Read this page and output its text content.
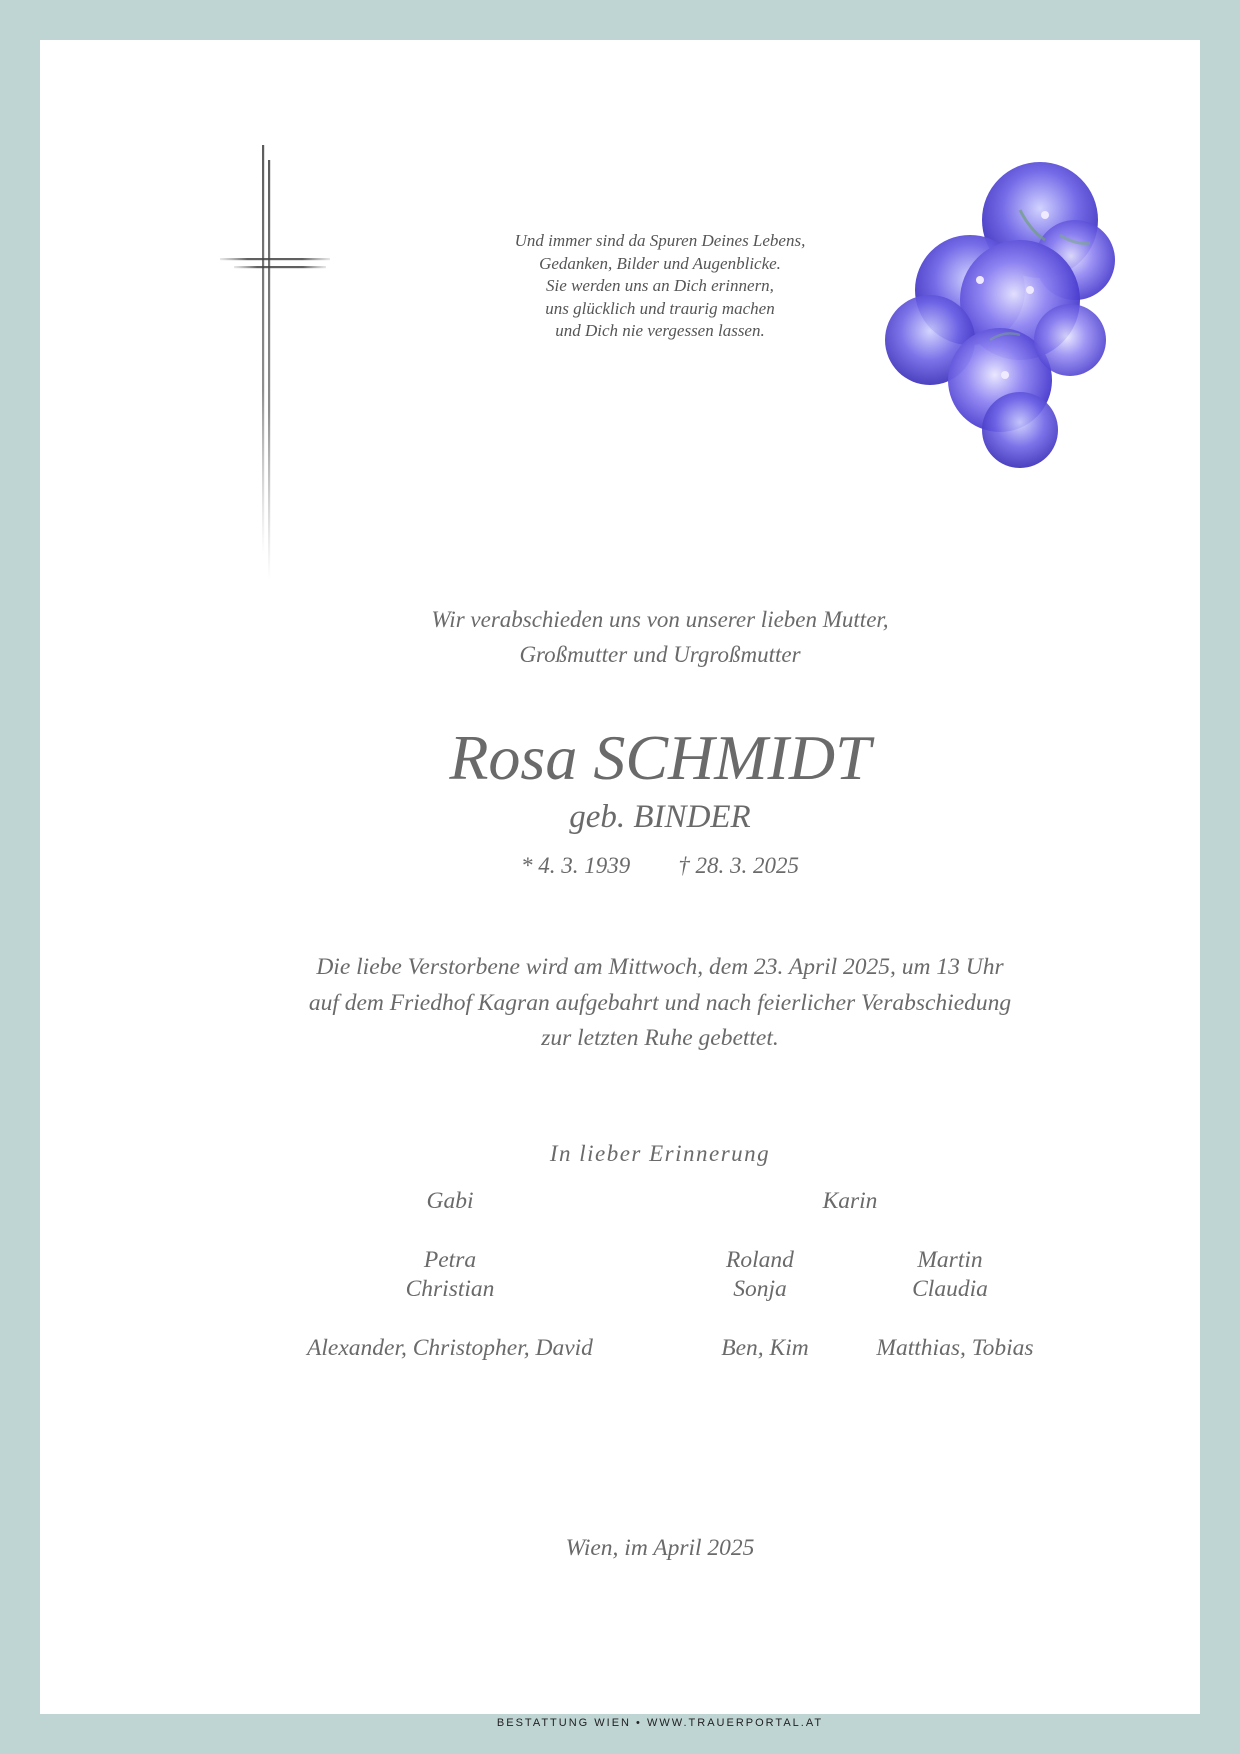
Und immer sind da Spuren Deines Lebens,
Gedanken, Bilder und Augenblicke.
Sie werden uns an Dich erinnern,
uns glücklich und traurig machen
und Dich nie vergessen lassen.
Wir verabschieden uns von unserer lieben Mutter,
Großmutter und Urgroßmutter
Rosa SCHMIDT
geb. BINDER
* 4. 3. 1939 † 28. 3. 2025
Die liebe Verstorbene wird am Mittwoch, dem 23. April 2025, um 13 Uhr
auf dem Friedhof Kagran aufgebahrt und nach feierlicher Verabschiedung
zur letzten Ruhe gebettet.
In lieber Erinnerung
Gabi
Petra
Christian
Alexander, Christopher, David
Karin
Roland
Sonja
Martin
Claudia
Ben, Kim	Matthias, Tobias
Wien, im April 2025
BESTATTUNG WIEN • WWW.TRAUERPORTAL.AT
